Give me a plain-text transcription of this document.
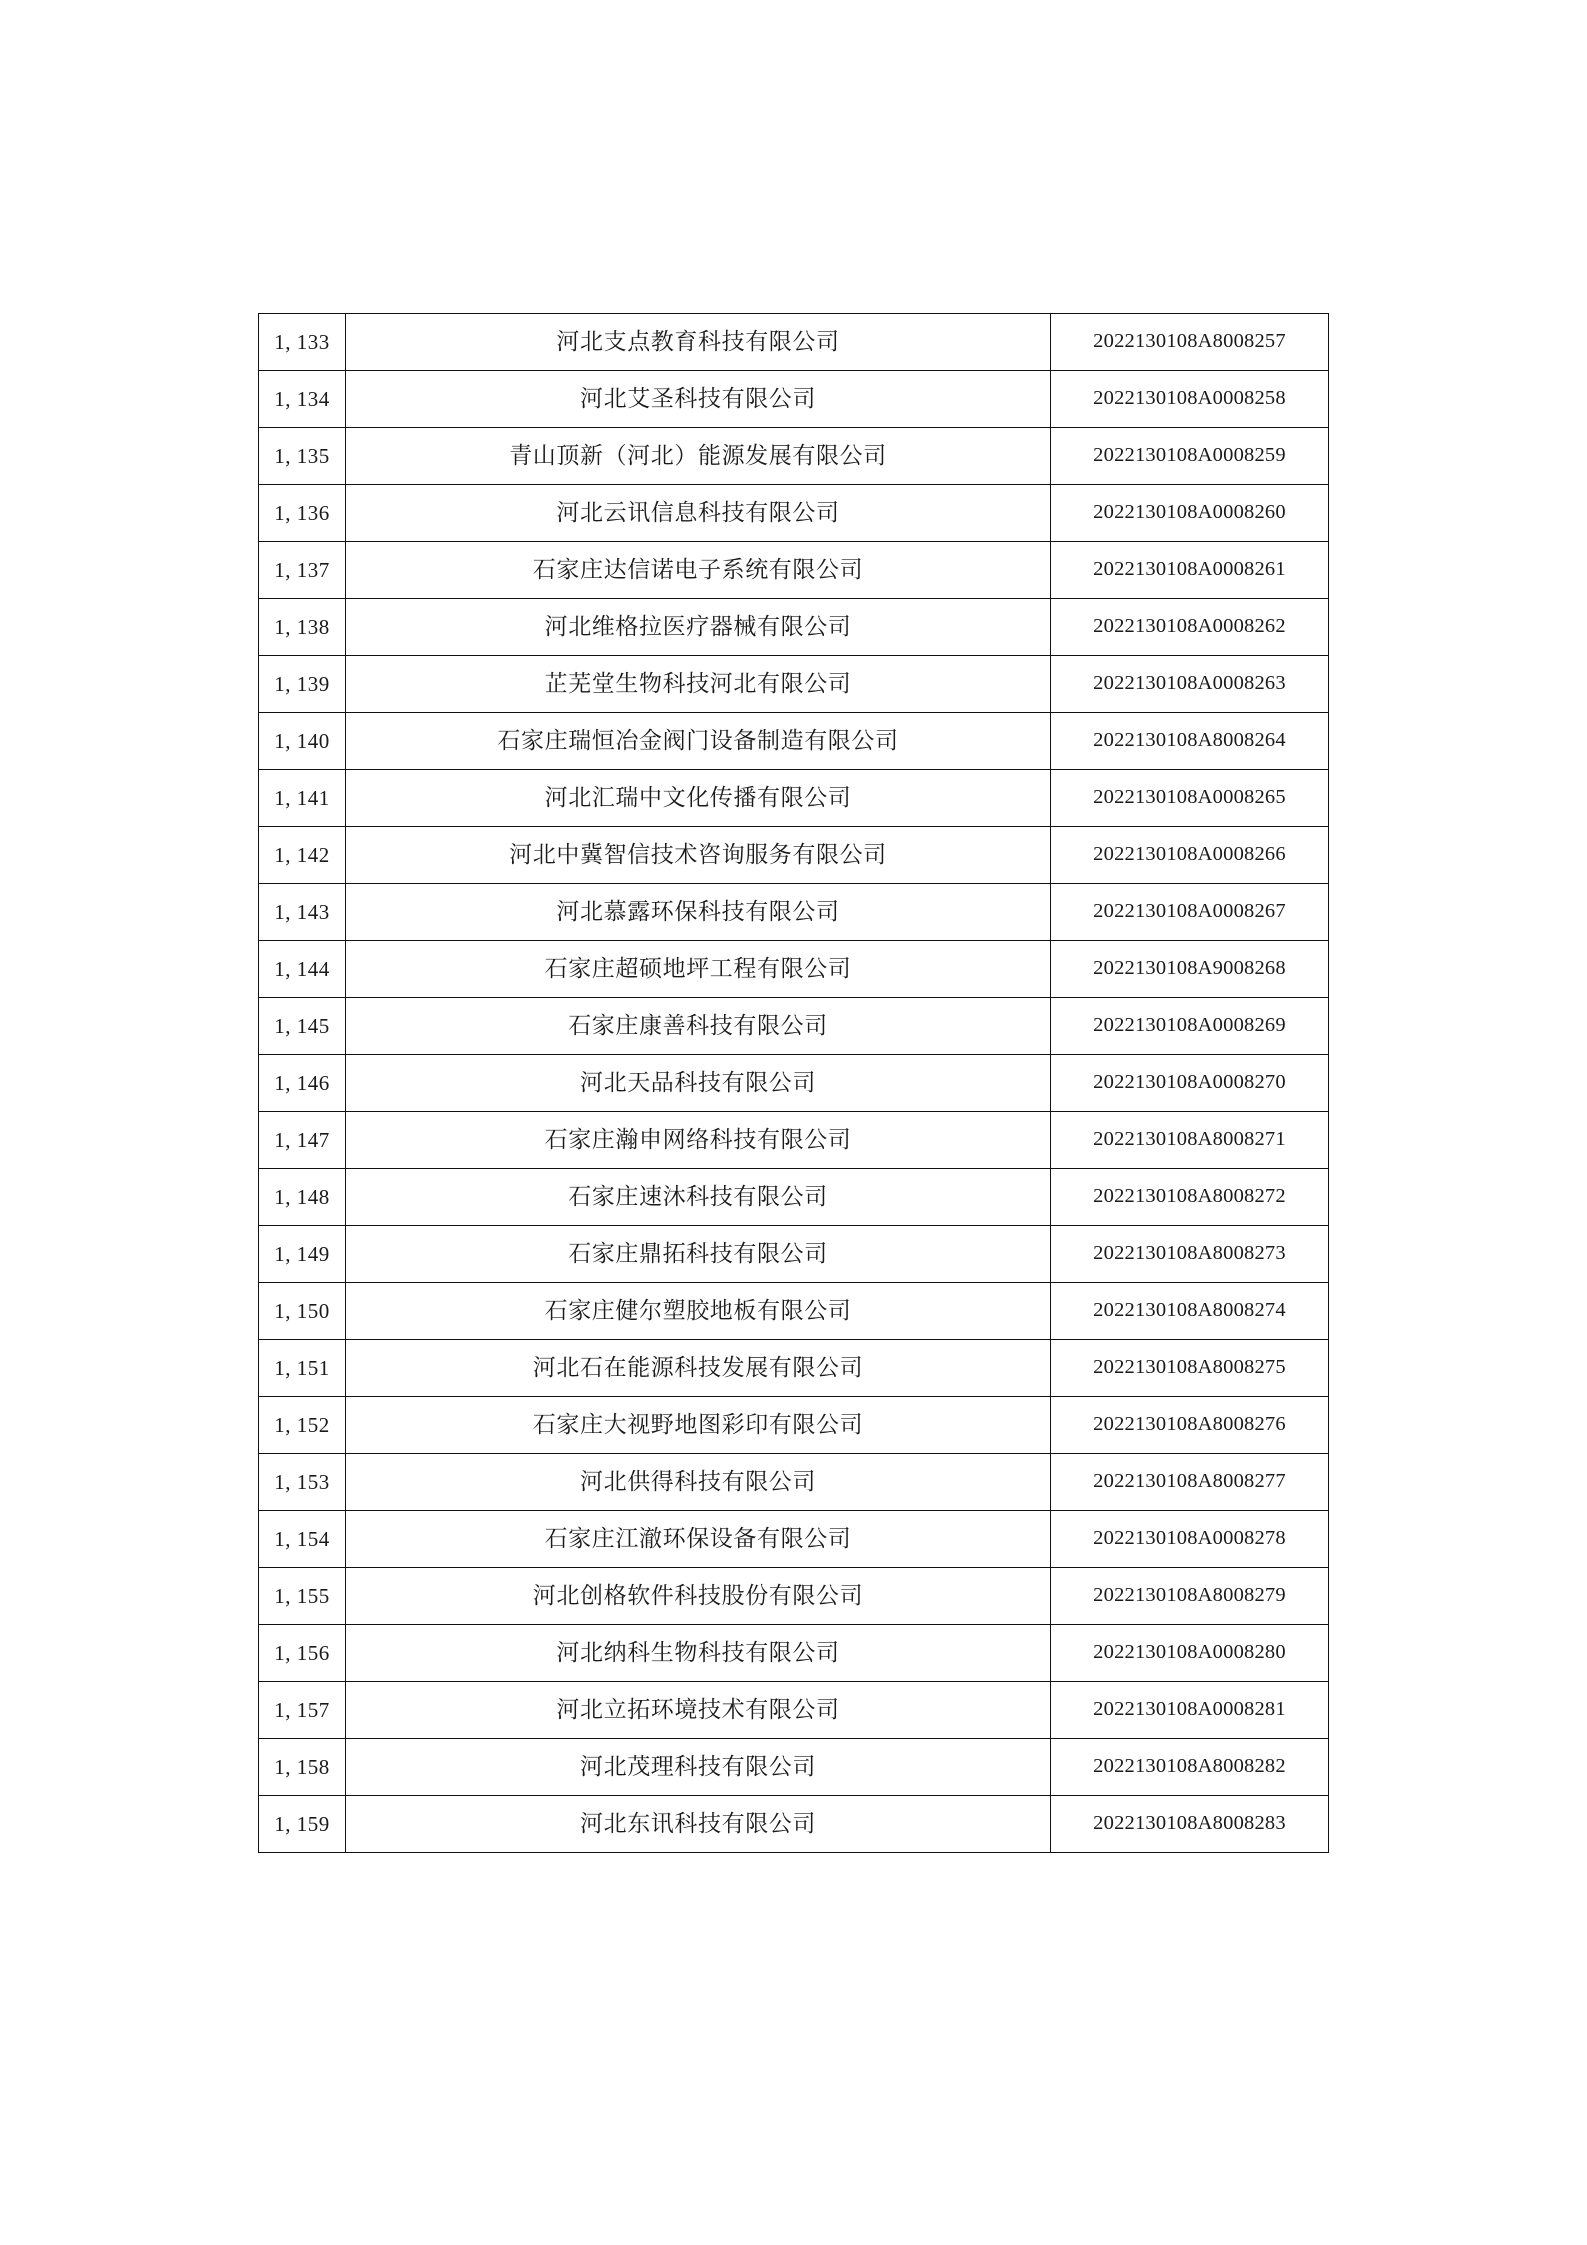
1, 133	河北支点教育科技有限公司	2022130108A8008257
1, 134	河北艾圣科技有限公司	2022130108A0008258
1, 135	青山顶新（河北）能源发展有限公司	2022130108A0008259
1, 136	河北云讯信息科技有限公司	2022130108A0008260
1, 137	石家庄达信诺电子系统有限公司	2022130108A0008261
1, 138	河北维格拉医疗器械有限公司	2022130108A0008262
1, 139	芷芜堂生物科技河北有限公司	2022130108A0008263
1, 140	石家庄瑞恒冶金阀门设备制造有限公司	2022130108A8008264
1, 141	河北汇瑞中文化传播有限公司	2022130108A0008265
1, 142	河北中冀智信技术咨询服务有限公司	2022130108A0008266
1, 143	河北慕露环保科技有限公司	2022130108A0008267
1, 144	石家庄超硕地坪工程有限公司	2022130108A9008268
1, 145	石家庄康善科技有限公司	2022130108A0008269
1, 146	河北天品科技有限公司	2022130108A0008270
1, 147	石家庄瀚申网络科技有限公司	2022130108A8008271
1, 148	石家庄速沐科技有限公司	2022130108A8008272
1, 149	石家庄鼎拓科技有限公司	2022130108A8008273
1, 150	石家庄健尔塑胶地板有限公司	2022130108A8008274
1, 151	河北石在能源科技发展有限公司	2022130108A8008275
1, 152	石家庄大视野地图彩印有限公司	2022130108A8008276
1, 153	河北供得科技有限公司	2022130108A8008277
1, 154	石家庄江澈环保设备有限公司	2022130108A0008278
1, 155	河北创格软件科技股份有限公司	2022130108A8008279
1, 156	河北纳科生物科技有限公司	2022130108A0008280
1, 157	河北立拓环境技术有限公司	2022130108A0008281
1, 158	河北茂理科技有限公司	2022130108A8008282
1, 159	河北东讯科技有限公司	2022130108A8008283
